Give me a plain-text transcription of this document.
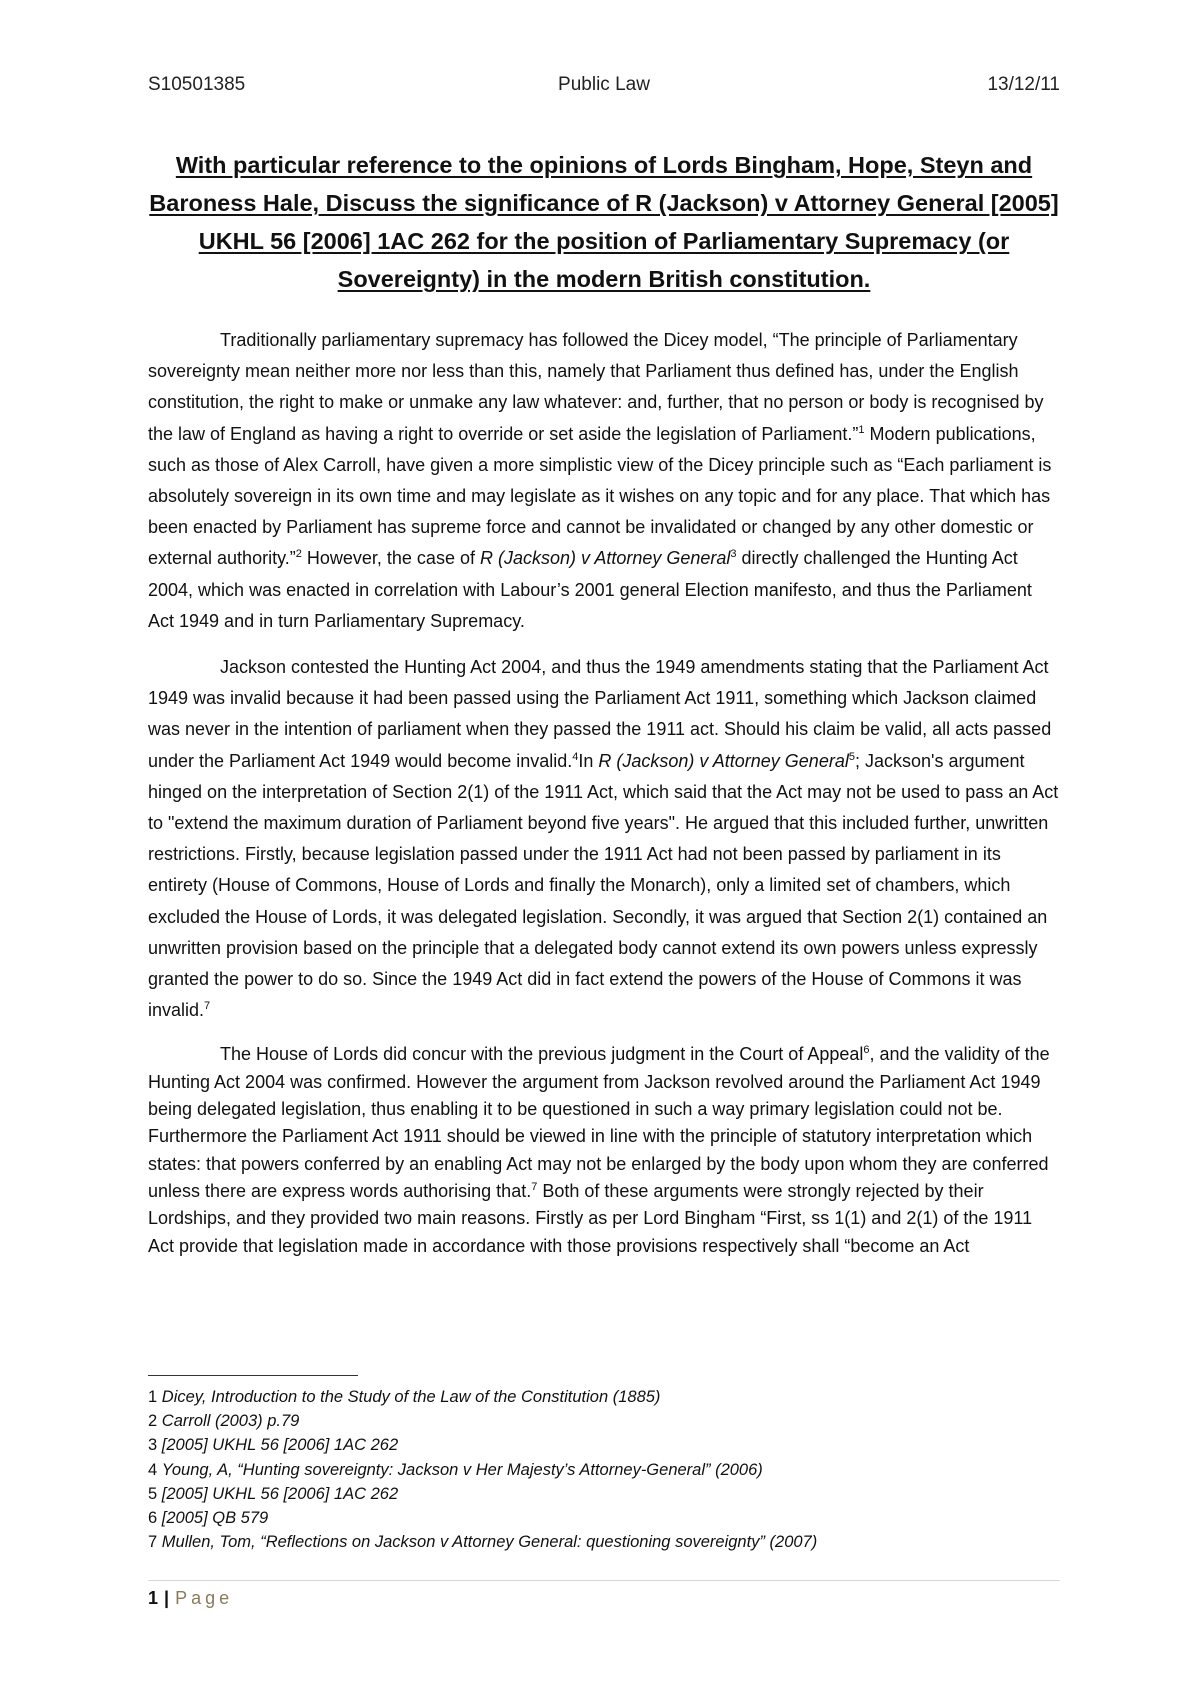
S10501385	Public Law	13/12/11
With particular reference to the opinions of Lords Bingham, Hope, Steyn and Baroness Hale, Discuss the significance of R (Jackson) v Attorney General [2005] UKHL 56 [2006] 1AC 262 for the position of Parliamentary Supremacy (or Sovereignty) in the modern British constitution.

Traditionally parliamentary supremacy has followed the Dicey model, “The principle of Parliamentary sovereignty mean neither more nor less than this, namely that Parliament thus defined has, under the English constitution, the right to make or unmake any law whatever: and, further, that no person or body is recognised by the law of England as having a right to override or set aside the legislation of Parliament.”$^1$ Modern publications, such as those of Alex Carroll, have given a more simplistic view of the Dicey principle such as “Each parliament is absolutely sovereign in its own time and may legislate as it wishes on any topic and for any place. That which has been enacted by Parliament has supreme force and cannot be invalidated or changed by any other domestic or external authority.”$^2$ However, the case of R (Jackson) v Attorney General$^3$ directly challenged the Hunting Act 2004, which was enacted in correlation with Labour’s 2001 general Election manifesto, and thus the Parliament Act 1949 and in turn Parliamentary Supremacy.

Jackson contested the Hunting Act 2004, and thus the 1949 amendments stating that the Parliament Act 1949 was invalid because it had been passed using the Parliament Act 1911, something which Jackson claimed was never in the intention of parliament when they passed the 1911 act. Should his claim be valid, all acts passed under the Parliament Act 1949 would become invalid.$^4$In R (Jackson) v Attorney General$^5$; Jackson's argument hinged on the interpretation of Section 2(1) of the 1911 Act, which said that the Act may not be used to pass an Act to "extend the maximum duration of Parliament beyond five years". He argued that this included further, unwritten restrictions. Firstly, because legislation passed under the 1911 Act had not been passed by parliament in its entirety (House of Commons, House of Lords and finally the Monarch), only a limited set of chambers, which excluded the House of Lords, it was delegated legislation. Secondly, it was argued that Section 2(1) contained an unwritten provision based on the principle that a delegated body cannot extend its own powers unless expressly granted the power to do so. Since the 1949 Act did in fact extend the powers of the House of Commons it was invalid.$^7$

The House of Lords did concur with the previous judgment in the Court of Appeal$^6$, and the validity of the Hunting Act 2004 was confirmed. However the argument from Jackson revolved around the Parliament Act 1949 being delegated legislation, thus enabling it to be questioned in such a way primary legislation could not be. Furthermore the Parliament Act 1911 should be viewed in line with the principle of statutory interpretation which states: that powers conferred by an enabling Act may not be enlarged by the body upon whom they are conferred unless there are express words authorising that.$^7$ Both of these arguments were strongly rejected by their Lordships, and they provided two main reasons. Firstly as per Lord Bingham “First, ss 1(1) and 2(1) of the 1911 Act provide that legislation made in accordance with those provisions respectively shall “become an Act

1 Dicey, Introduction to the Study of the Law of the Constitution (1885)
2 Carroll (2003) p.79
3 [2005] UKHL 56 [2006] 1AC 262
4 Young, A, “Hunting sovereignty: Jackson v Her Majesty’s Attorney-General” (2006)
5 [2005] UKHL 56 [2006] 1AC 262
6 [2005] QB 579
7 Mullen, Tom, “Reflections on Jackson v Attorney General: questioning sovereignty” (2007)
1 | Page
